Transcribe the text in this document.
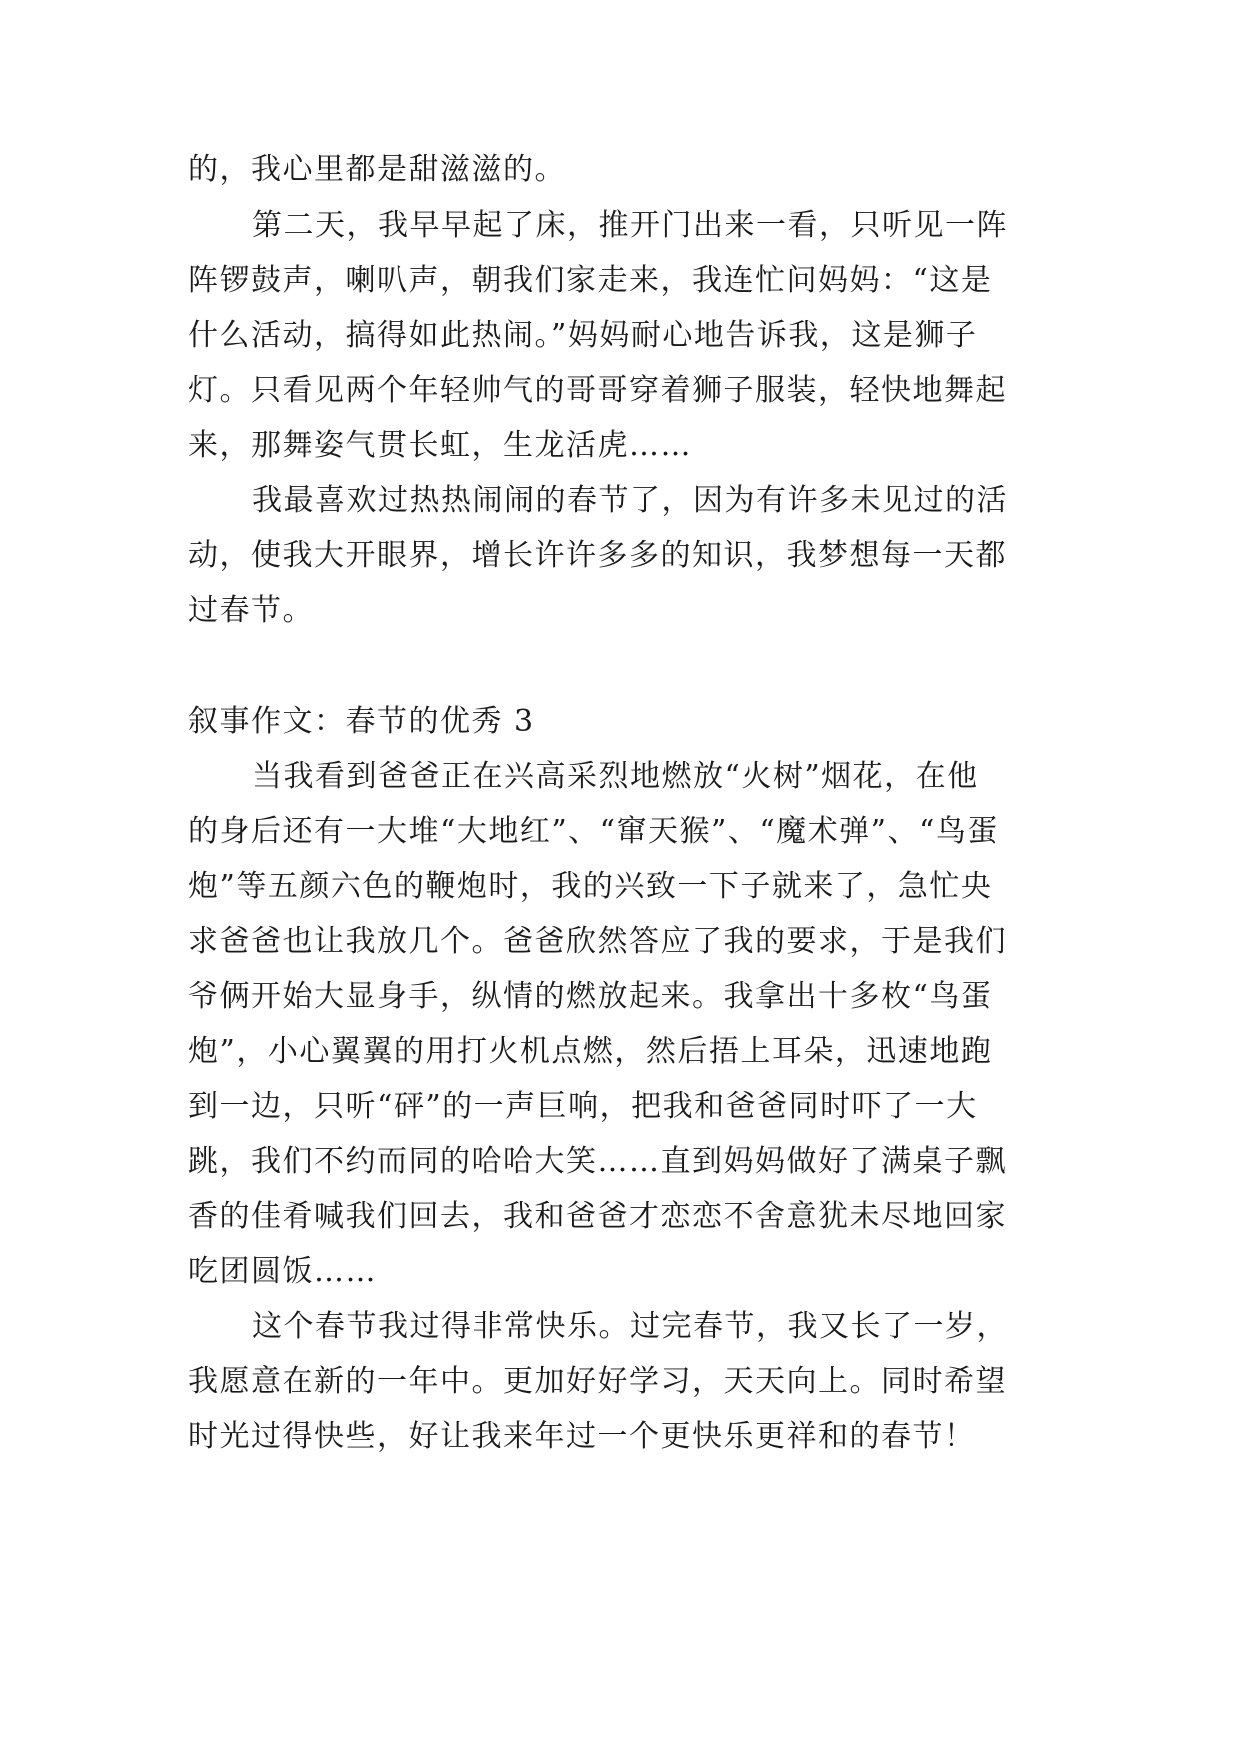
的，我心里都是甜滋滋的。
第二天，我早早起了床，推开门出来一看，只听见一阵
阵锣鼓声，喇叭声，朝我们家走来，我连忙问妈妈：“这是
什么活动，搞得如此热闹。”妈妈耐心地告诉我，这是狮子
灯。只看见两个年轻帅气的哥哥穿着狮子服装，轻快地舞起
来，那舞姿气贯长虹，生龙活虎……
我最喜欢过热热闹闹的春节了，因为有许多未见过的活
动，使我大开眼界，增长许许多多的知识，我梦想每一天都
过春节。
叙事作文：春节的优秀 3
当我看到爸爸正在兴高采烈地燃放“火树”烟花，在他
的身后还有一大堆“大地红”、“窜天猴”、“魔术弹”、“鸟蛋
炮”等五颜六色的鞭炮时，我的兴致一下子就来了，急忙央
求爸爸也让我放几个。爸爸欣然答应了我的要求，于是我们
爷俩开始大显身手，纵情的燃放起来。我拿出十多枚“鸟蛋
炮”，小心翼翼的用打火机点燃，然后捂上耳朵，迅速地跑
到一边，只听“砰”的一声巨响，把我和爸爸同时吓了一大
跳，我们不约而同的哈哈大笑……直到妈妈做好了满桌子飘
香的佳肴喊我们回去，我和爸爸才恋恋不舍意犹未尽地回家
吃团圆饭……
这个春节我过得非常快乐。过完春节，我又长了一岁，
我愿意在新的一年中。更加好好学习，天天向上。同时希望
时光过得快些，好让我来年过一个更快乐更祥和的春节！
